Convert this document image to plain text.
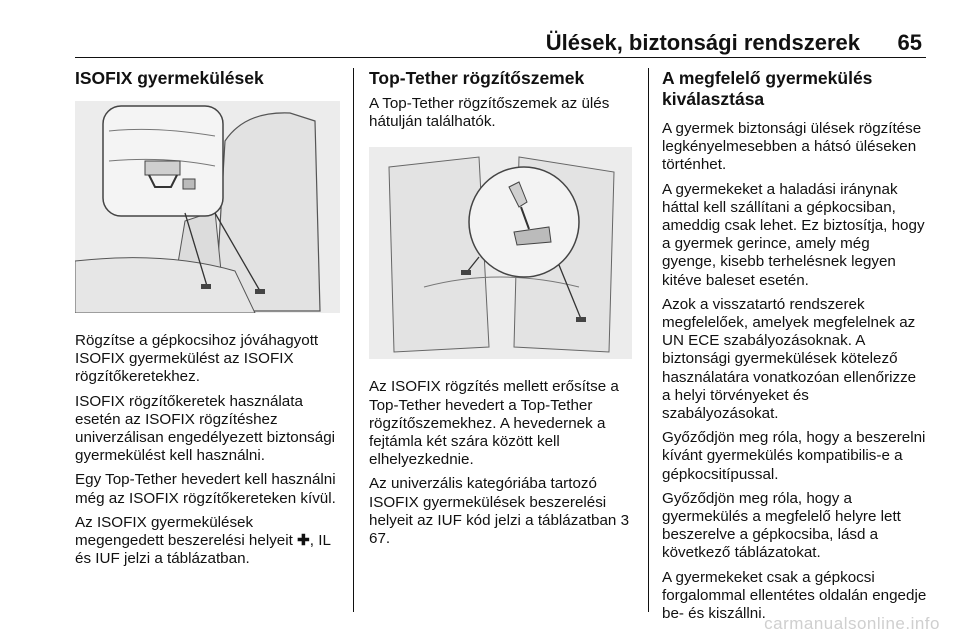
Ülések, biztonsági rendszerek 65
ISOFIX gyermekülések

Rögzítse a gépkocsihoz jóváhagyott ISOFIX gyermekülést az ISOFIX rögzítőkeretekhez.

ISOFIX rögzítőkeretek használata esetén az ISOFIX rögzítéshez univerzálisan engedélyezett biztonsági gyermekülést kell használni.

Egy Top-Tether hevedert kell használni még az ISOFIX rögzítőkereteken kívül.

Az ISOFIX gyermekülések megengedett beszerelési helyeit ✚, IL és IUF jelzi a táblázatban.

Top-Tether rögzítőszemek

A Top-Tether rögzítőszemek az ülés hátulján találhatók.

Az ISOFIX rögzítés mellett erősítse a Top-Tether hevedert a Top-Tether rögzítőszemekhez. A hevedernek a fejtámla két szára között kell elhelyezkednie.

Az univerzális kategóriába tartozó ISOFIX gyermekülések beszerelési helyeit az IUF kód jelzi a táblázatban 3 67.

A megfelelő gyermekülés kiválasztása

A gyermek biztonsági ülések rögzítése legkényelmesebben a hátsó üléseken történhet.

A gyermekeket a haladási iránynak háttal kell szállítani a gépkocsiban, ameddig csak lehet. Ez biztosítja, hogy a gyermek gerince, amely még gyenge, kisebb terhelésnek legyen kitéve baleset esetén.

Azok a visszatartó rendszerek megfelelőek, amelyek megfelelnek az UN ECE szabályozásoknak. A biztonsági gyermekülések kötelező használatára vonatkozóan ellenőrizze a helyi törvényeket és szabályozásokat.

Győződjön meg róla, hogy a beszerelni kívánt gyermekülés kompatibilis-e a gépkocsitípussal.

Győződjön meg róla, hogy a gyermekülés a megfelelő helyre lett beszerelve a gépkocsiba, lásd a következő táblázatokat.

A gyermekeket csak a gépkocsi forgalommal ellentétes oldalán engedje be- és kiszállni.

carmanualsonline.info
